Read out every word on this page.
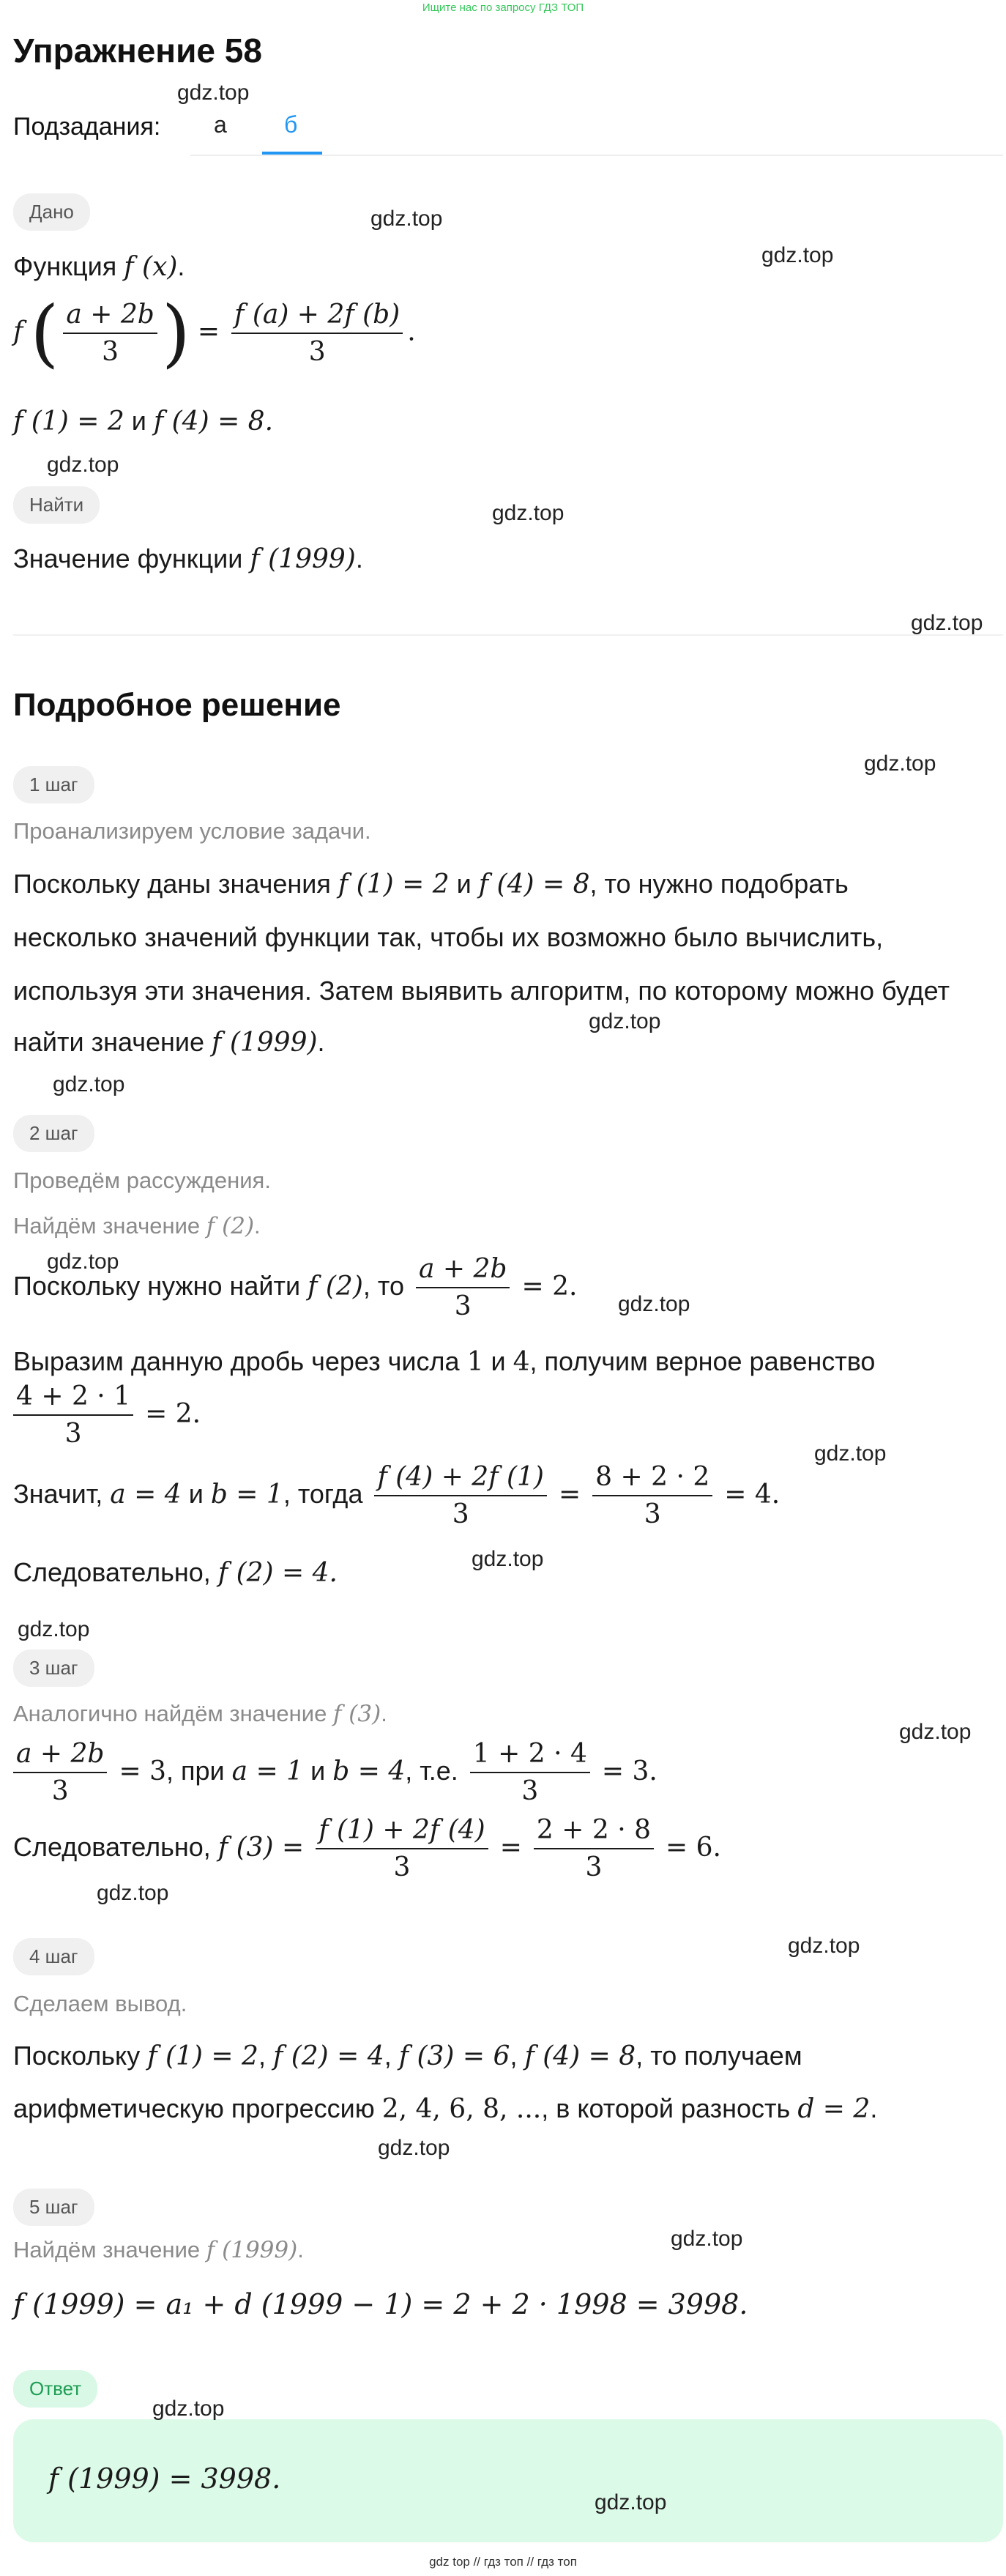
Ищите нас по запросу ГДЗ ТОП
Упражнение 58
Подзадания: а б
Дано
Функция f (x).
f ( $\frac{a + 2b}{3}$ ) = $\frac{f (a) + 2f (b)}{3}$ .
f (1) = 2 и f (4) = 8.
Найти
Значение функции f (1999).
Подробное решение
1 шаг
Проанализируем условие задачи.
Поскольку даны значения f (1) = 2 и f (4) = 8, то нужно подобрать
несколько значений функции так, чтобы их возможно было вычислить,
используя эти значения. Затем выявить алгоритм, по которому можно будет
найти значение f (1999).
2 шаг
Проведём рассуждения.
Найдём значение f (2).
Поскольку нужно найти f (2), то $\frac{a + 2b}{3} = 2$.
Выразим данную дробь через числа 1 и 4, получим верное равенство
$\frac{4 + 2 \cdot 1}{3} = 2$.
Значит, a = 4 и b = 1, тогда $\frac{f (4) + 2f (1)}{3} = \frac{8 + 2 \cdot 2}{3} = 4$.
Следовательно, f (2) = 4.
3 шаг
Аналогично найдём значение f (3).
$\frac{a + 2b}{3} = 3$, при a = 1 и b = 4, т.е. $\frac{1 + 2 \cdot 4}{3} = 3$.
Следовательно, f $(3) = \frac{f (1) + 2f (4)}{3} = \frac{2 + 2 \cdot 8}{3} = 6$.
4 шаг
Сделаем вывод.
Поскольку f (1) = 2, f (2) = 4, f (3) = 6, f (4) = 8, то получаем
арифметическую прогрессию 2, 4, 6, 8, ..., в которой разность d = 2.
5 шаг
Найдём значение f (1999).
f (1999) = a₁ + d (1999 − 1) = 2 + 2 · 1998 = 3998.
Ответ
f (1999) = 3998.
gdz.top
gdz.top
gdz.top
gdz.top
gdz.top
gdz.top
gdz.top
gdz.top
gdz.top
gdz.top
gdz.top
gdz.top
gdz.top
gdz.top
gdz.top
gdz.top
gdz.top
gdz.top
gdz.top
gdz.top
gdz.top
gdz top // гдз топ // гдз топ
